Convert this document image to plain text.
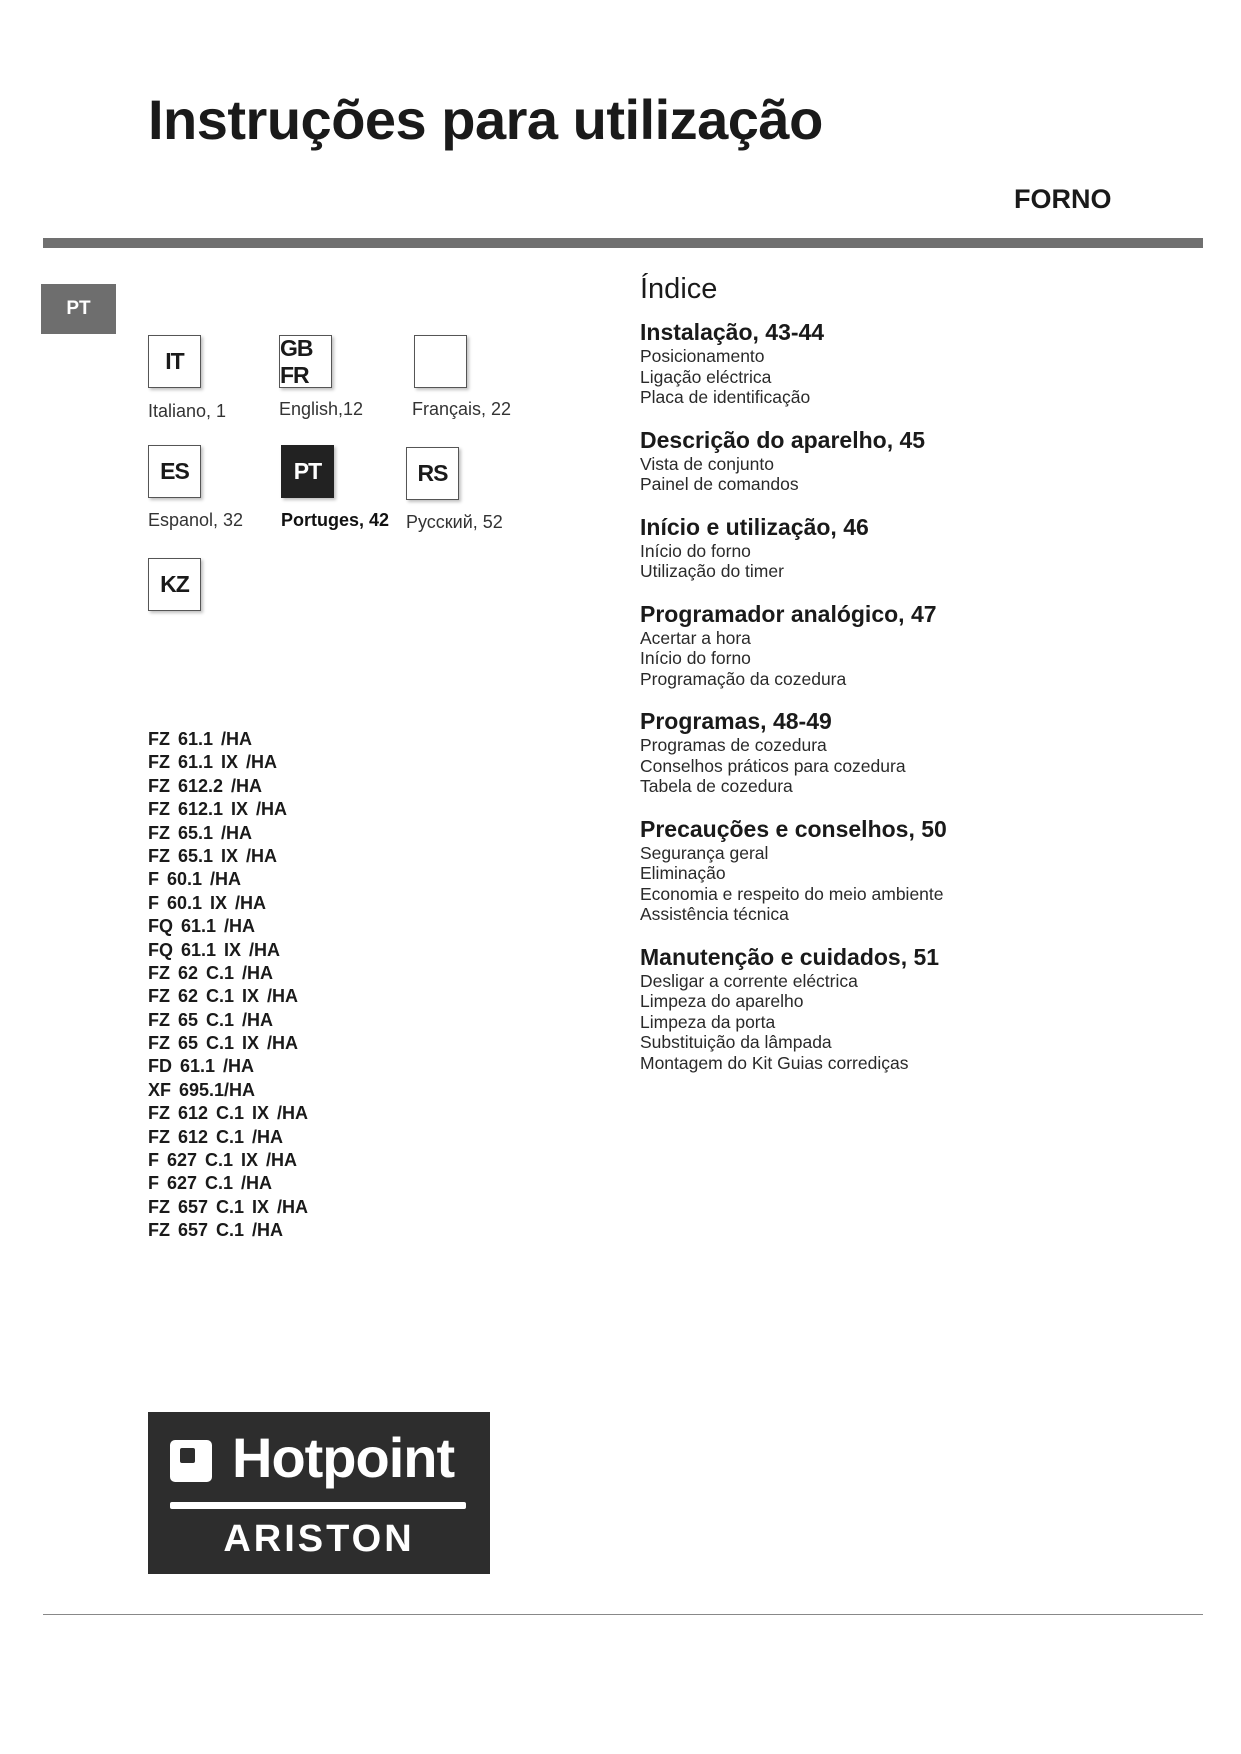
Instruções para utilização
FORNO
PT
IT
Italiano, 1
GB FR
English,12	Français, 22
ES
Espanol, 32
PT
Portuges, 42
RS
Русский, 52
KZ
FZ 61.1 /HA
FZ 61.1 IX /HA
FZ 612.2 /HA
FZ 612.1 IX /HA
FZ 65.1 /HA
FZ 65.1 IX /HA
F 60.1 /HA
F 60.1 IX /HA
FQ 61.1 /HA
FQ 61.1 IX /HA
FZ 62 C.1 /HA
FZ 62 C.1 IX /HA
FZ 65 C.1 /HA
FZ 65 C.1 IX /HA
FD 61.1 /HA
XF 695.1/HA
FZ 612 C.1 IX /HA
FZ 612 C.1 /HA
F 627 C.1 IX /HA
F 627 C.1 /HA
FZ 657 C.1 IX /HA
FZ 657 C.1 /HA
Hotpoint
ARISTON
Índice
Instalação, 43-44
Posicionamento
Ligação eléctrica
Placa de identificação
Descrição do aparelho, 45
Vista de conjunto
Painel de comandos
Início e utilização, 46
Início do forno
Utilização do timer
Programador analógico, 47
Acertar a hora
Início do forno
Programação da cozedura
Programas, 48-49
Programas de cozedura
Conselhos práticos para cozedura
Tabela de cozedura
Precauções e conselhos, 50
Segurança geral
Eliminação
Economia e respeito do meio ambiente
Assistência técnica
Manutenção e cuidados, 51
Desligar a corrente eléctrica
Limpeza do aparelho
Limpeza da porta
Substituição da lâmpada
Montagem do Kit Guias corrediças
